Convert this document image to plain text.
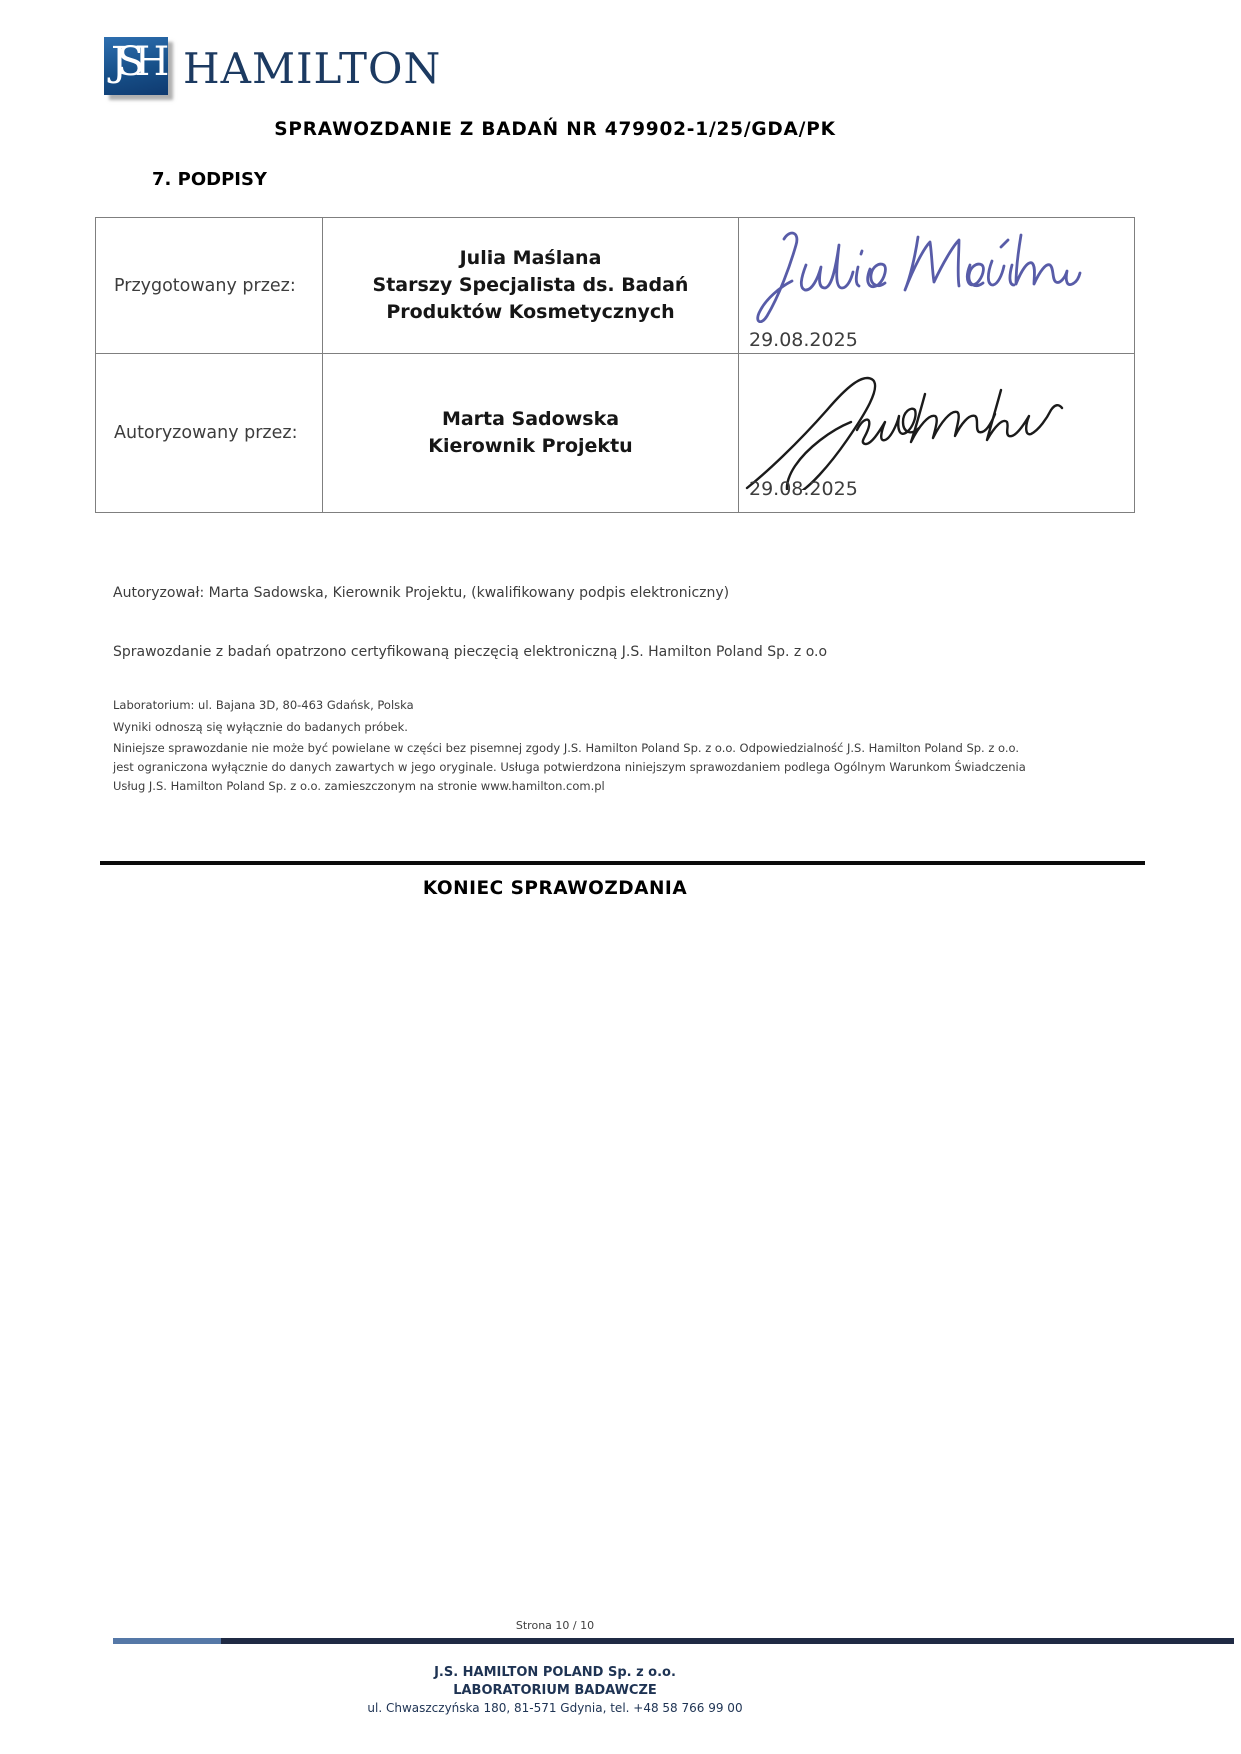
JSH HAMILTON
SPRAWOZDANIE Z BADAŃ NR 479902-1/25/GDA/PK
7. PODPISY
Przygotowany przez:	Julia Maślana
Starszy Specjalista ds. Badań
Produktów Kosmetycznych	29.08.2025

Autoryzowany przez:	Marta Sadowska
Kierownik Projektu	29.08.2025
Autoryzował: Marta Sadowska, Kierownik Projektu, (kwalifikowany podpis elektroniczny)
Sprawozdanie z badań opatrzono certyfikowaną pieczęcią elektroniczną J.S. Hamilton Poland Sp. z o.o
Laboratorium: ul. Bajana 3D, 80-463 Gdańsk, Polska
Wyniki odnoszą się wyłącznie do badanych próbek.
Niniejsze sprawozdanie nie może być powielane w części bez pisemnej zgody J.S. Hamilton Poland Sp. z o.o. Odpowiedzialność J.S. Hamilton Poland Sp. z o.o.
jest ograniczona wyłącznie do danych zawartych w jego oryginale. Usługa potwierdzona niniejszym sprawozdaniem podlega Ogólnym Warunkom Świadczenia
Usług J.S. Hamilton Poland Sp. z o.o. zamieszczonym na stronie www.hamilton.com.pl
KONIEC SPRAWOZDANIA
Strona 10 / 10
J.S. HAMILTON POLAND Sp. z o.o.
LABORATORIUM BADAWCZE
ul. Chwaszczyńska 180, 81-571 Gdynia, tel. +48 58 766 99 00
